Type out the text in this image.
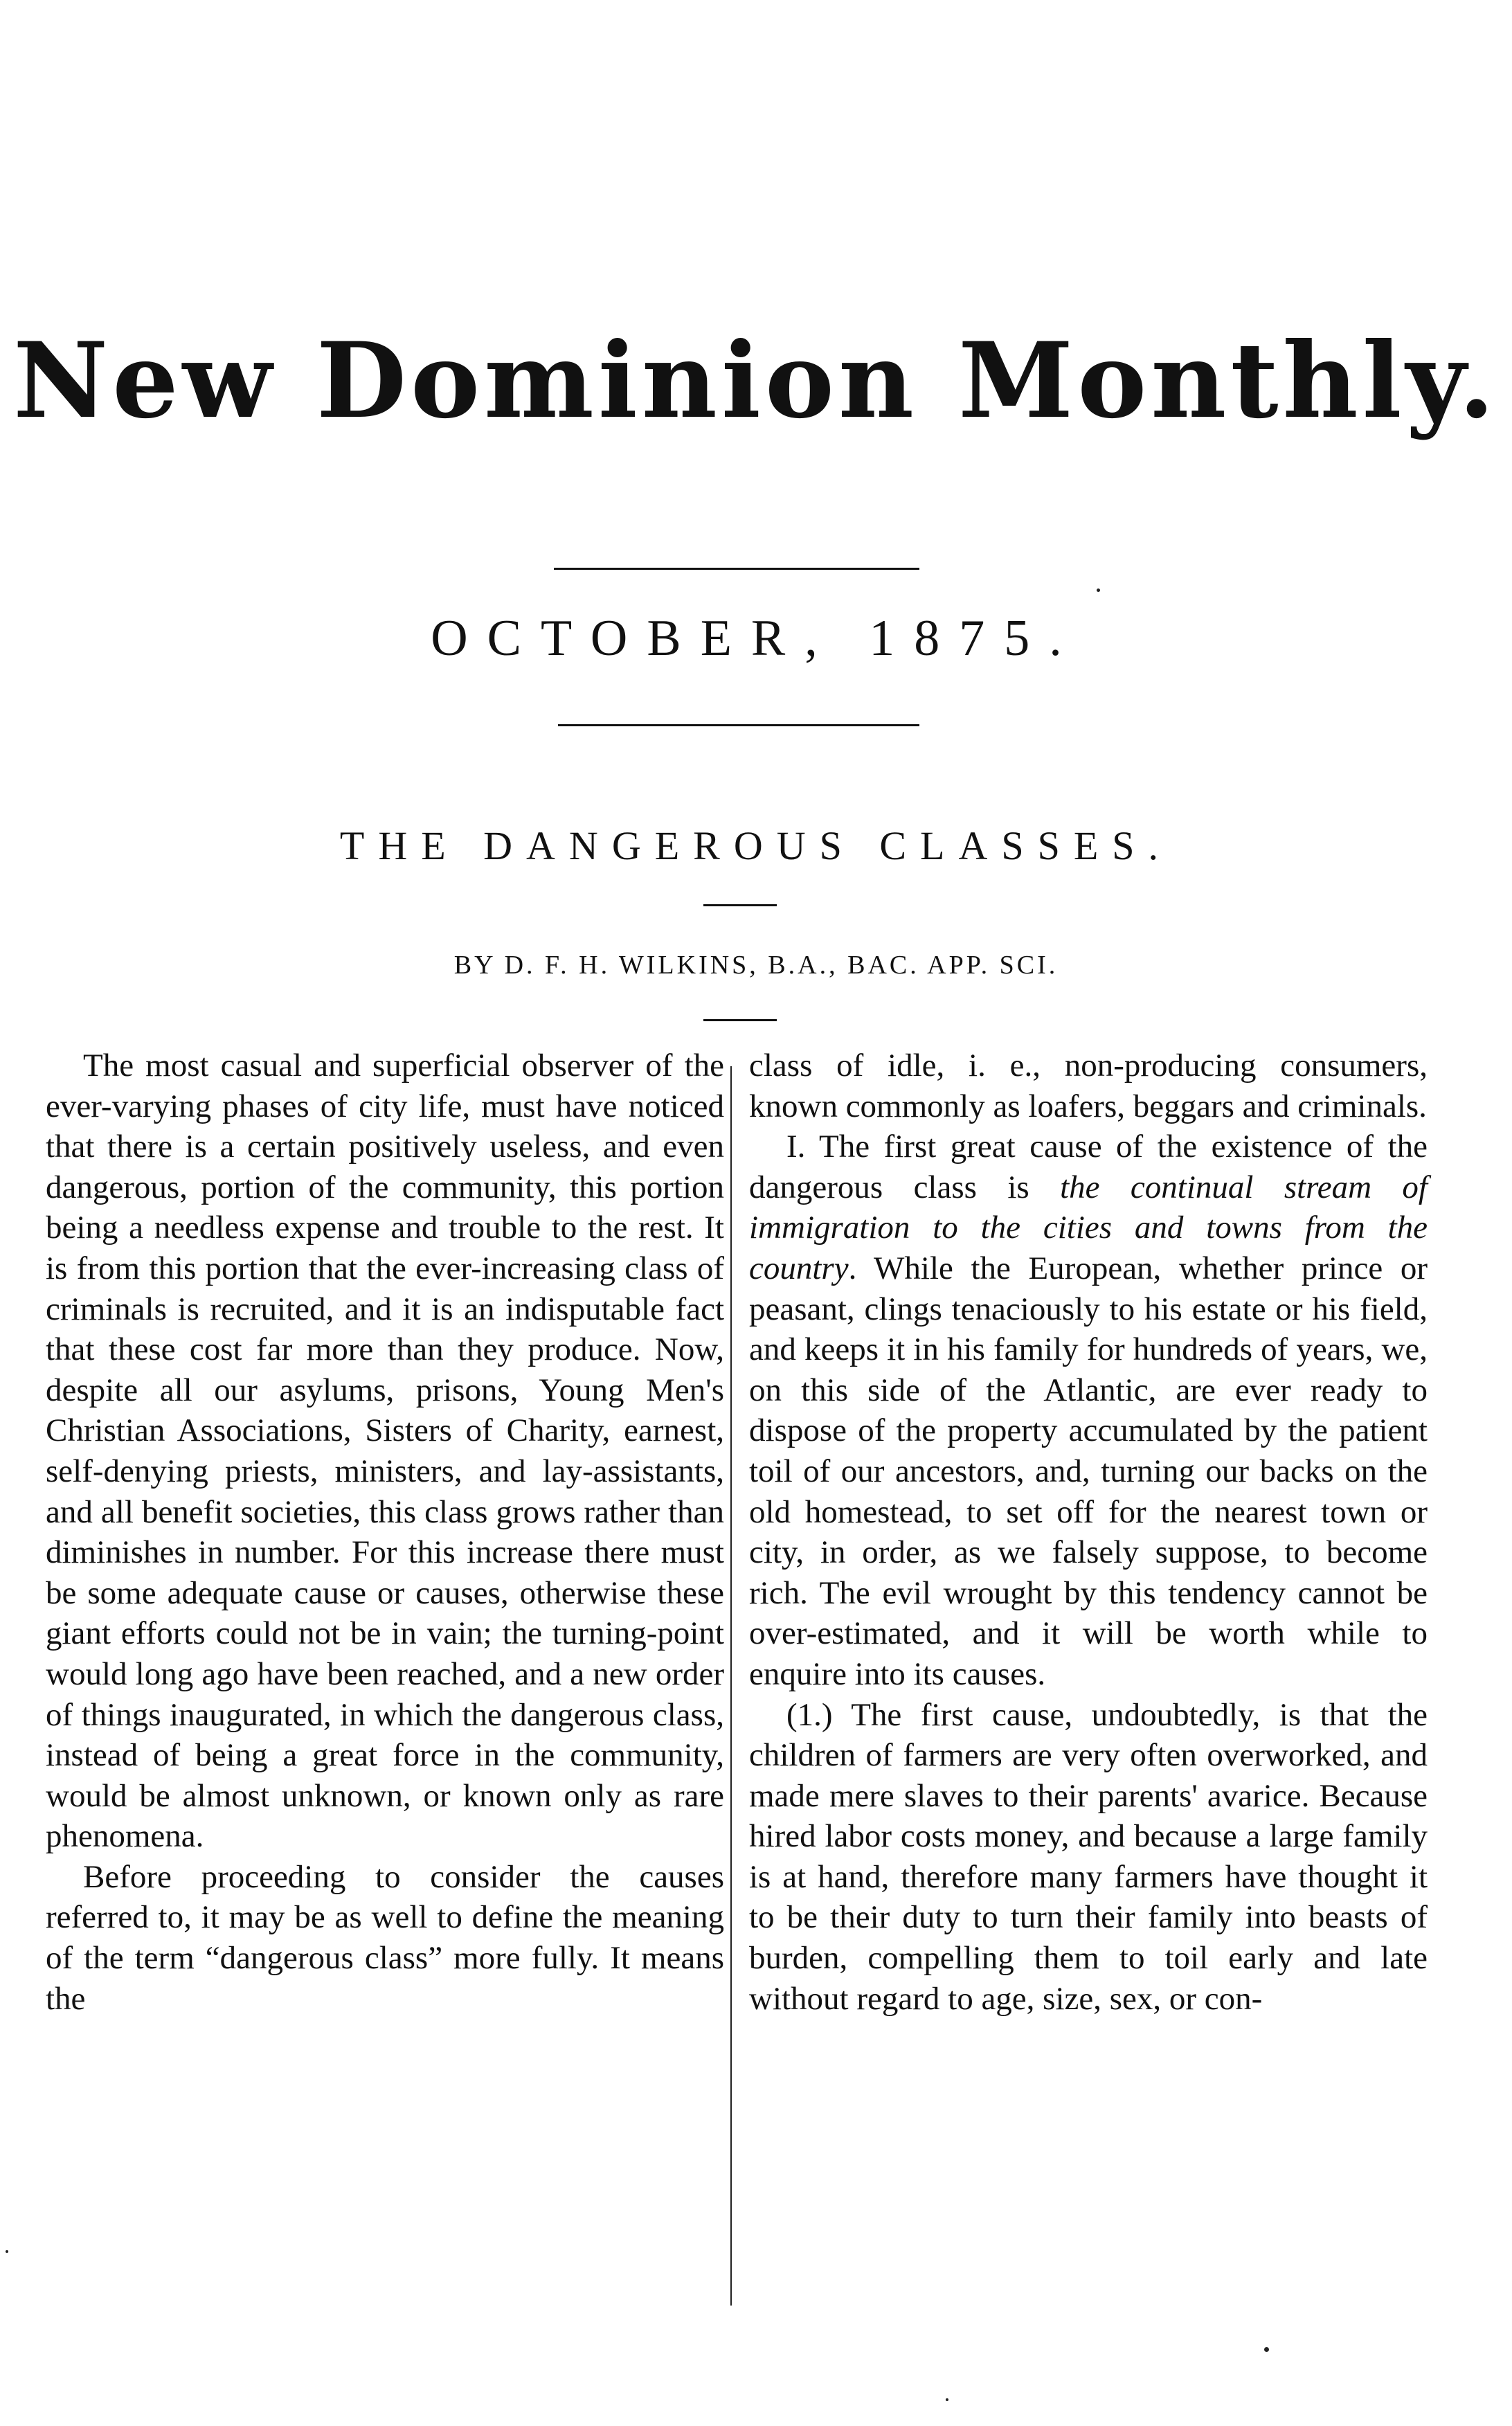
New Dominion Monthly.
OCTOBER, 1875.
THE DANGEROUS CLASSES.
BY D. F. H. WILKINS, B.A., BAC. APP. SCI.

The most casual and superficial observer of the ever-varying phases of city life, must have noticed that there is a certain positively useless, and even dangerous, portion of the community, this portion being a needless expense and trouble to the rest. It is from this portion that the ever-increasing class of criminals is recruited, and it is an indisputable fact that these cost far more than they produce. Now, despite all our asylums, prisons, Young Men's Christian Associations, Sisters of Charity, earnest, self-denying priests, ministers, and lay-assistants, and all benefit societies, this class grows rather than diminishes in number. For this increase there must be some adequate cause or causes, otherwise these giant efforts could not be in vain; the turning-point would long ago have been reached, and a new order of things inaugurated, in which the dangerous class, instead of being a great force in the community, would be almost unknown, or known only as rare phenomena.

Before proceeding to consider the causes referred to, it may be as well to define the meaning of the term “dangerous class” more fully. It means the

class of idle, i. e., non-producing consumers, known commonly as loafers, beggars and criminals.

I. The first great cause of the existence of the dangerous class is the continual stream of immigration to the cities and towns from the country. While the European, whether prince or peasant, clings tenaciously to his estate or his field, and keeps it in his family for hundreds of years, we, on this side of the Atlantic, are ever ready to dispose of the property accumulated by the patient toil of our ancestors, and, turning our backs on the old homestead, to set off for the nearest town or city, in order, as we falsely suppose, to become rich. The evil wrought by this tendency cannot be over-estimated, and it will be worth while to enquire into its causes.

(1.) The first cause, undoubtedly, is that the children of farmers are very often overworked, and made mere slaves to their parents' avarice. Because hired labor costs money, and because a large family is at hand, therefore many farmers have thought it to be their duty to turn their family into beasts of burden, compelling them to toil early and late without regard to age, size, sex, or con-
